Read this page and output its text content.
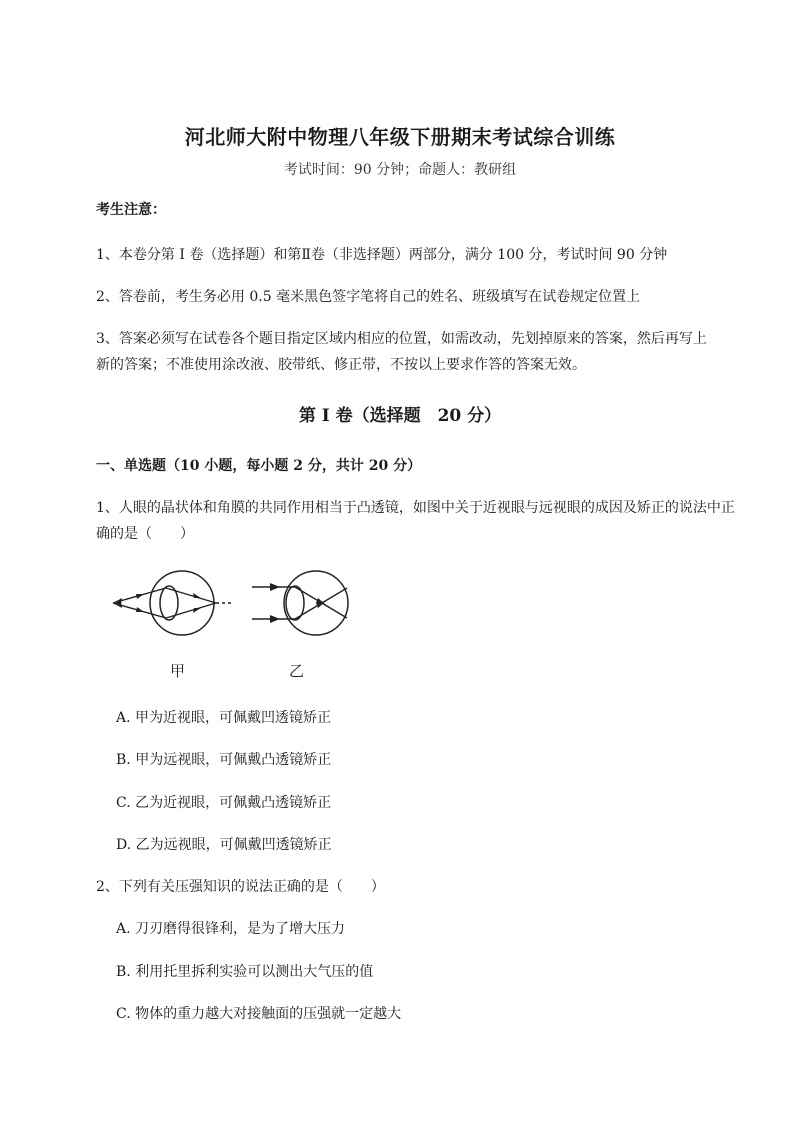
河北师大附中物理八年级下册期末考试综合训练
考试时间：90 分钟；命题人：教研组
考生注意：
1、本卷分第 I 卷（选择题）和第Ⅱ卷（非选择题）两部分，满分 100 分，考试时间 90 分钟
2、答卷前，考生务必用 0.5 毫米黑色签字笔将自己的姓名、班级填写在试卷规定位置上
3、答案必须写在试卷各个题目指定区域内相应的位置，如需改动，先划掉原来的答案，然后再写上新的答案；不准使用涂改液、胶带纸、修正带，不按以上要求作答的答案无效。
第 I 卷（选择题　20 分）
一、单选题（10 小题，每小题 2 分，共计 20 分）
1、人眼的晶状体和角膜的共同作用相当于凸透镜，如图中关于近视眼与远视眼的成因及矫正的说法中正确的是（　　）
甲	乙
A. 甲为近视眼，可佩戴凹透镜矫正
B. 甲为远视眼，可佩戴凸透镜矫正
C. 乙为近视眼，可佩戴凸透镜矫正
D. 乙为远视眼，可佩戴凹透镜矫正
2、下列有关压强知识的说法正确的是（　　）
A. 刀刃磨得很锋利，是为了增大压力
B. 利用托里拆利实验可以测出大气压的值
C. 物体的重力越大对接触面的压强就一定越大
